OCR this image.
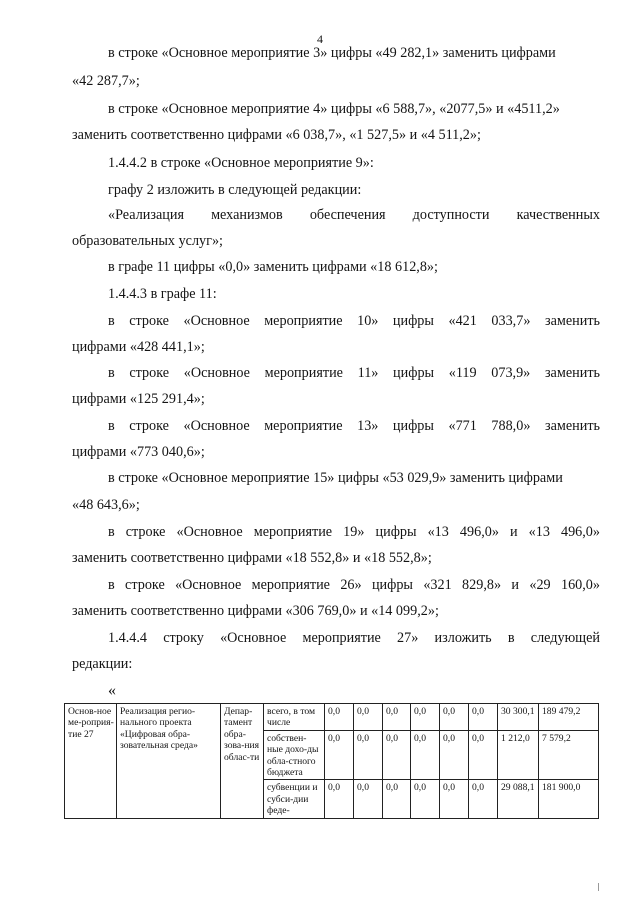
4
в строке «Основное мероприятие 3» цифры «49 282,1» заменить цифрами
«42 287,7»;
в строке «Основное мероприятие 4» цифры «6 588,7», «2077,5» и «4511,2»
заменить соответственно цифрами «6 038,7», «1 527,5» и «4 511,2»;
1.4.4.2 в строке «Основное мероприятие 9»:
графу 2 изложить в следующей редакции:
«Реализация механизмов обеспечения доступности качественных
образовательных услуг»;
в графе 11 цифры «0,0» заменить цифрами «18 612,8»;
1.4.4.3 в графе 11:
в строке «Основное мероприятие 10» цифры «421 033,7» заменить
цифрами «428 441,1»;
в строке «Основное мероприятие 11» цифры «119 073,9» заменить
цифрами «125 291,4»;
в строке «Основное мероприятие 13» цифры «771 788,0» заменить
цифрами «773 040,6»;
в строке «Основное мероприятие 15» цифры «53 029,9» заменить цифрами
«48 643,6»;
в строке «Основное мероприятие 19» цифры «13 496,0» и «13 496,0»
заменить соответственно цифрами «18 552,8» и «18 552,8»;
в строке «Основное мероприятие 26» цифры «321 829,8» и «29 160,0»
заменить соответственно цифрами «306 769,0» и «14 099,2»;
1.4.4.4 строку «Основное мероприятие 27» изложить в следующей
редакции:
«
Основ-ное ме-роприя-тие 27	Реализация регио-нального проекта «Цифровая обра-зовательная среда»	Депар-тамент обра-зова-ния облас-ти	всего, в том числе	0,0	0,0	0,0	0,0	0,0	0,0	30 300,1	189 479,2
			собствен-ные дохо-ды обла-стного бюджета	0,0	0,0	0,0	0,0	0,0	0,0	1 212,0	7 579,2
			субвенции и субси-дии феде-	0,0	0,0	0,0	0,0	0,0	0,0	29 088,1	181 900,0
